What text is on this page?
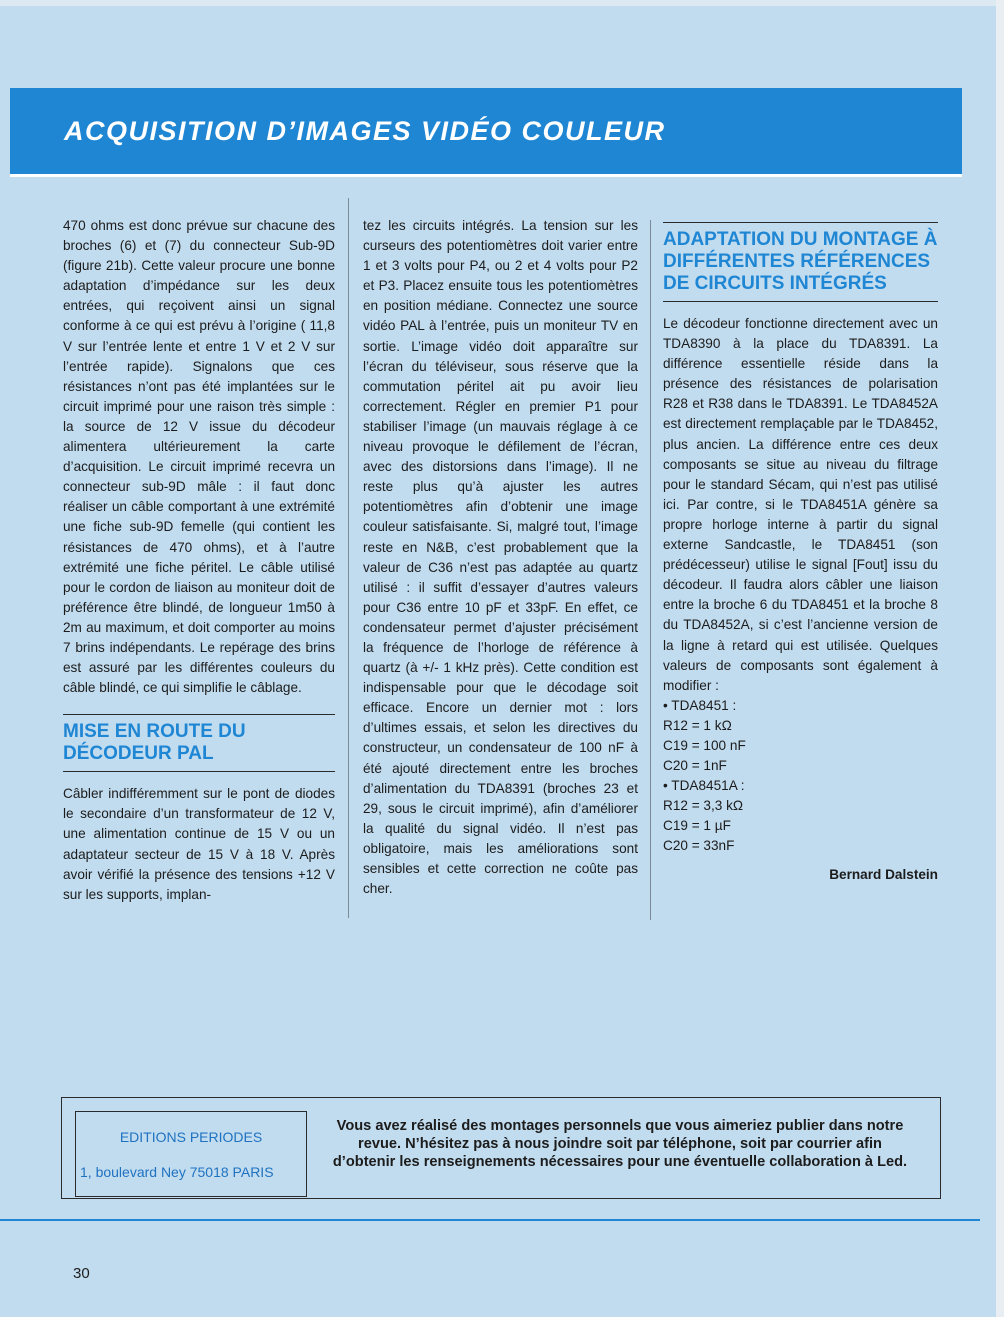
ACQUISITION D’IMAGES VIDÉO COULEUR

470 ohms est donc prévue sur chacune des broches (6) et (7) du connecteur Sub-9D (figure 21b). Cette valeur procure une bonne adaptation d’impédance sur les deux entrées, qui reçoivent ainsi un signal conforme à ce qui est prévu à l’origine ( 11,8 V sur l’entrée lente et entre 1 V et 2 V sur l’entrée rapide). Signalons que ces résistances n’ont pas été implantées sur le circuit imprimé pour une raison très simple : la source de 12 V issue du décodeur alimentera ultérieurement la carte d’acquisition. Le circuit imprimé recevra un connecteur sub-9D mâle : il faut donc réaliser un câble comportant à une extrémité une fiche sub-9D femelle (qui contient les résistances de 470 ohms), et à l’autre extrémité une fiche péritel. Le câble utilisé pour le cordon de liaison au moniteur doit de préférence être blindé, de longueur 1m50 à 2m au maximum, et doit comporter au moins 7 brins indépendants. Le repérage des brins est assuré par les différentes couleurs du câble blindé, ce qui simplifie le câblage.

MISE EN ROUTE DU DÉCODEUR PAL

Câbler indifféremment sur le pont de diodes le secondaire d’un transformateur de 12 V, une alimentation continue de 15 V ou un adaptateur secteur de 15 V à 18 V. Après avoir vérifié la présence des tensions +12 V sur les supports, implan-

tez les circuits intégrés. La tension sur les curseurs des potentiomètres doit varier entre 1 et 3 volts pour P4, ou 2 et 4 volts pour P2 et P3. Placez ensuite tous les potentiomètres en position médiane. Connectez une source vidéo PAL à l’entrée, puis un moniteur TV en sortie. L’image vidéo doit apparaître sur l’écran du téléviseur, sous réserve que la commutation péritel ait pu avoir lieu correctement. Régler en premier P1 pour stabiliser l’image (un mauvais réglage à ce niveau provoque le défilement de l’écran, avec des distorsions dans l’image). Il ne reste plus qu’à ajuster les autres potentiomètres afin d’obtenir une image couleur satisfaisante. Si, malgré tout, l’image reste en N&B, c’est probablement que la valeur de C36 n’est pas adaptée au quartz utilisé : il suffit d’essayer d’autres valeurs pour C36 entre 10 pF et 33pF. En effet, ce condensateur permet d’ajuster précisément la fréquence de l’horloge de référence à quartz (à +/- 1 kHz près). Cette condition est indispensable pour que le décodage soit efficace. Encore un dernier mot : lors d’ultimes essais, et selon les directives du constructeur, un condensateur de 100 nF à été ajouté directement entre les broches d’alimentation du TDA8391 (broches 23 et 29, sous le circuit imprimé), afin d’améliorer la qualité du signal vidéo. Il n’est pas obligatoire, mais les améliorations sont sensibles et cette correction ne coûte pas cher.

ADAPTATION DU MONTAGE À DIFFÉRENTES RÉFÉRENCES DE CIRCUITS INTÉGRÉS

Le décodeur fonctionne directement avec un TDA8390 à la place du TDA8391. La différence essentielle réside dans la présence des résistances de polarisation R28 et R38 dans le TDA8391. Le TDA8452A est directement remplaçable par le TDA8452, plus ancien. La différence entre ces deux composants se situe au niveau du filtrage pour le standard Sécam, qui n’est pas utilisé ici. Par contre, si le TDA8451A génère sa propre horloge interne à partir du signal externe Sandcastle, le TDA8451 (son prédécesseur) utilise le signal [Fout] issu du décodeur. Il faudra alors câbler une liaison entre la broche 6 du TDA8451 et la broche 8 du TDA8452A, si c’est l’ancienne version de la ligne à retard qui est utilisée. Quelques valeurs de composants sont également à modifier :

• TDA8451 :
R12 = 1 kΩ
C19 = 100 nF
C20 = 1nF
• TDA8451A :
R12 = 3,3 kΩ
C19 = 1 µF
C20 = 33nF
Bernard Dalstein
EDITIONS PERIODES
1, boulevard Ney 75018 PARIS
Vous avez réalisé des montages personnels que vous aimeriez publier dans notre revue. N’hésitez pas à nous joindre soit par téléphone, soit par courrier afin d’obtenir les renseignements nécessaires pour une éventuelle collaboration à Led.
30
